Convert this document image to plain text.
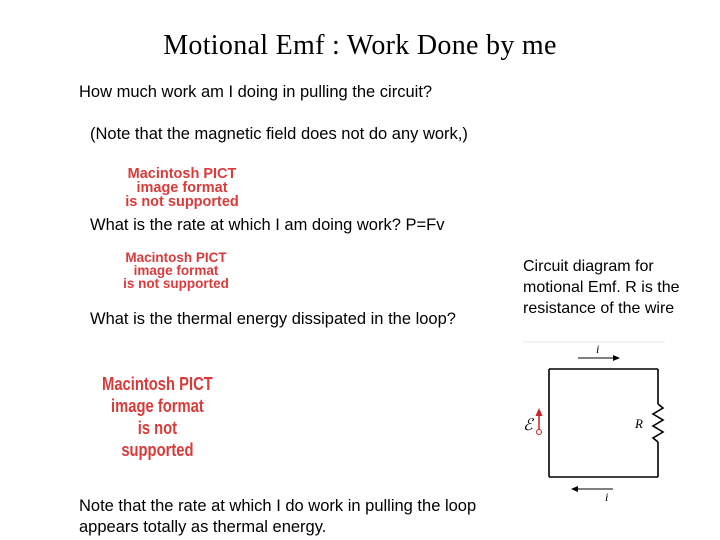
Motional Emf : Work Done by me
How much work am I doing in pulling the circuit?
(Note that the magnetic field does not do any work,)
Macintosh PICT
image format
is not supported
What is the rate at which I am doing work? P=Fv
Macintosh PICT
image format
is not supported
What is the thermal energy dissipated in the loop?
Macintosh PICT
image format
is not supported
Circuit diagram for
motional Emf. R is the
resistance of the wire
i
i
R
ℰ
Note that the rate at which I do work in pulling the loop
appears totally as thermal energy.
